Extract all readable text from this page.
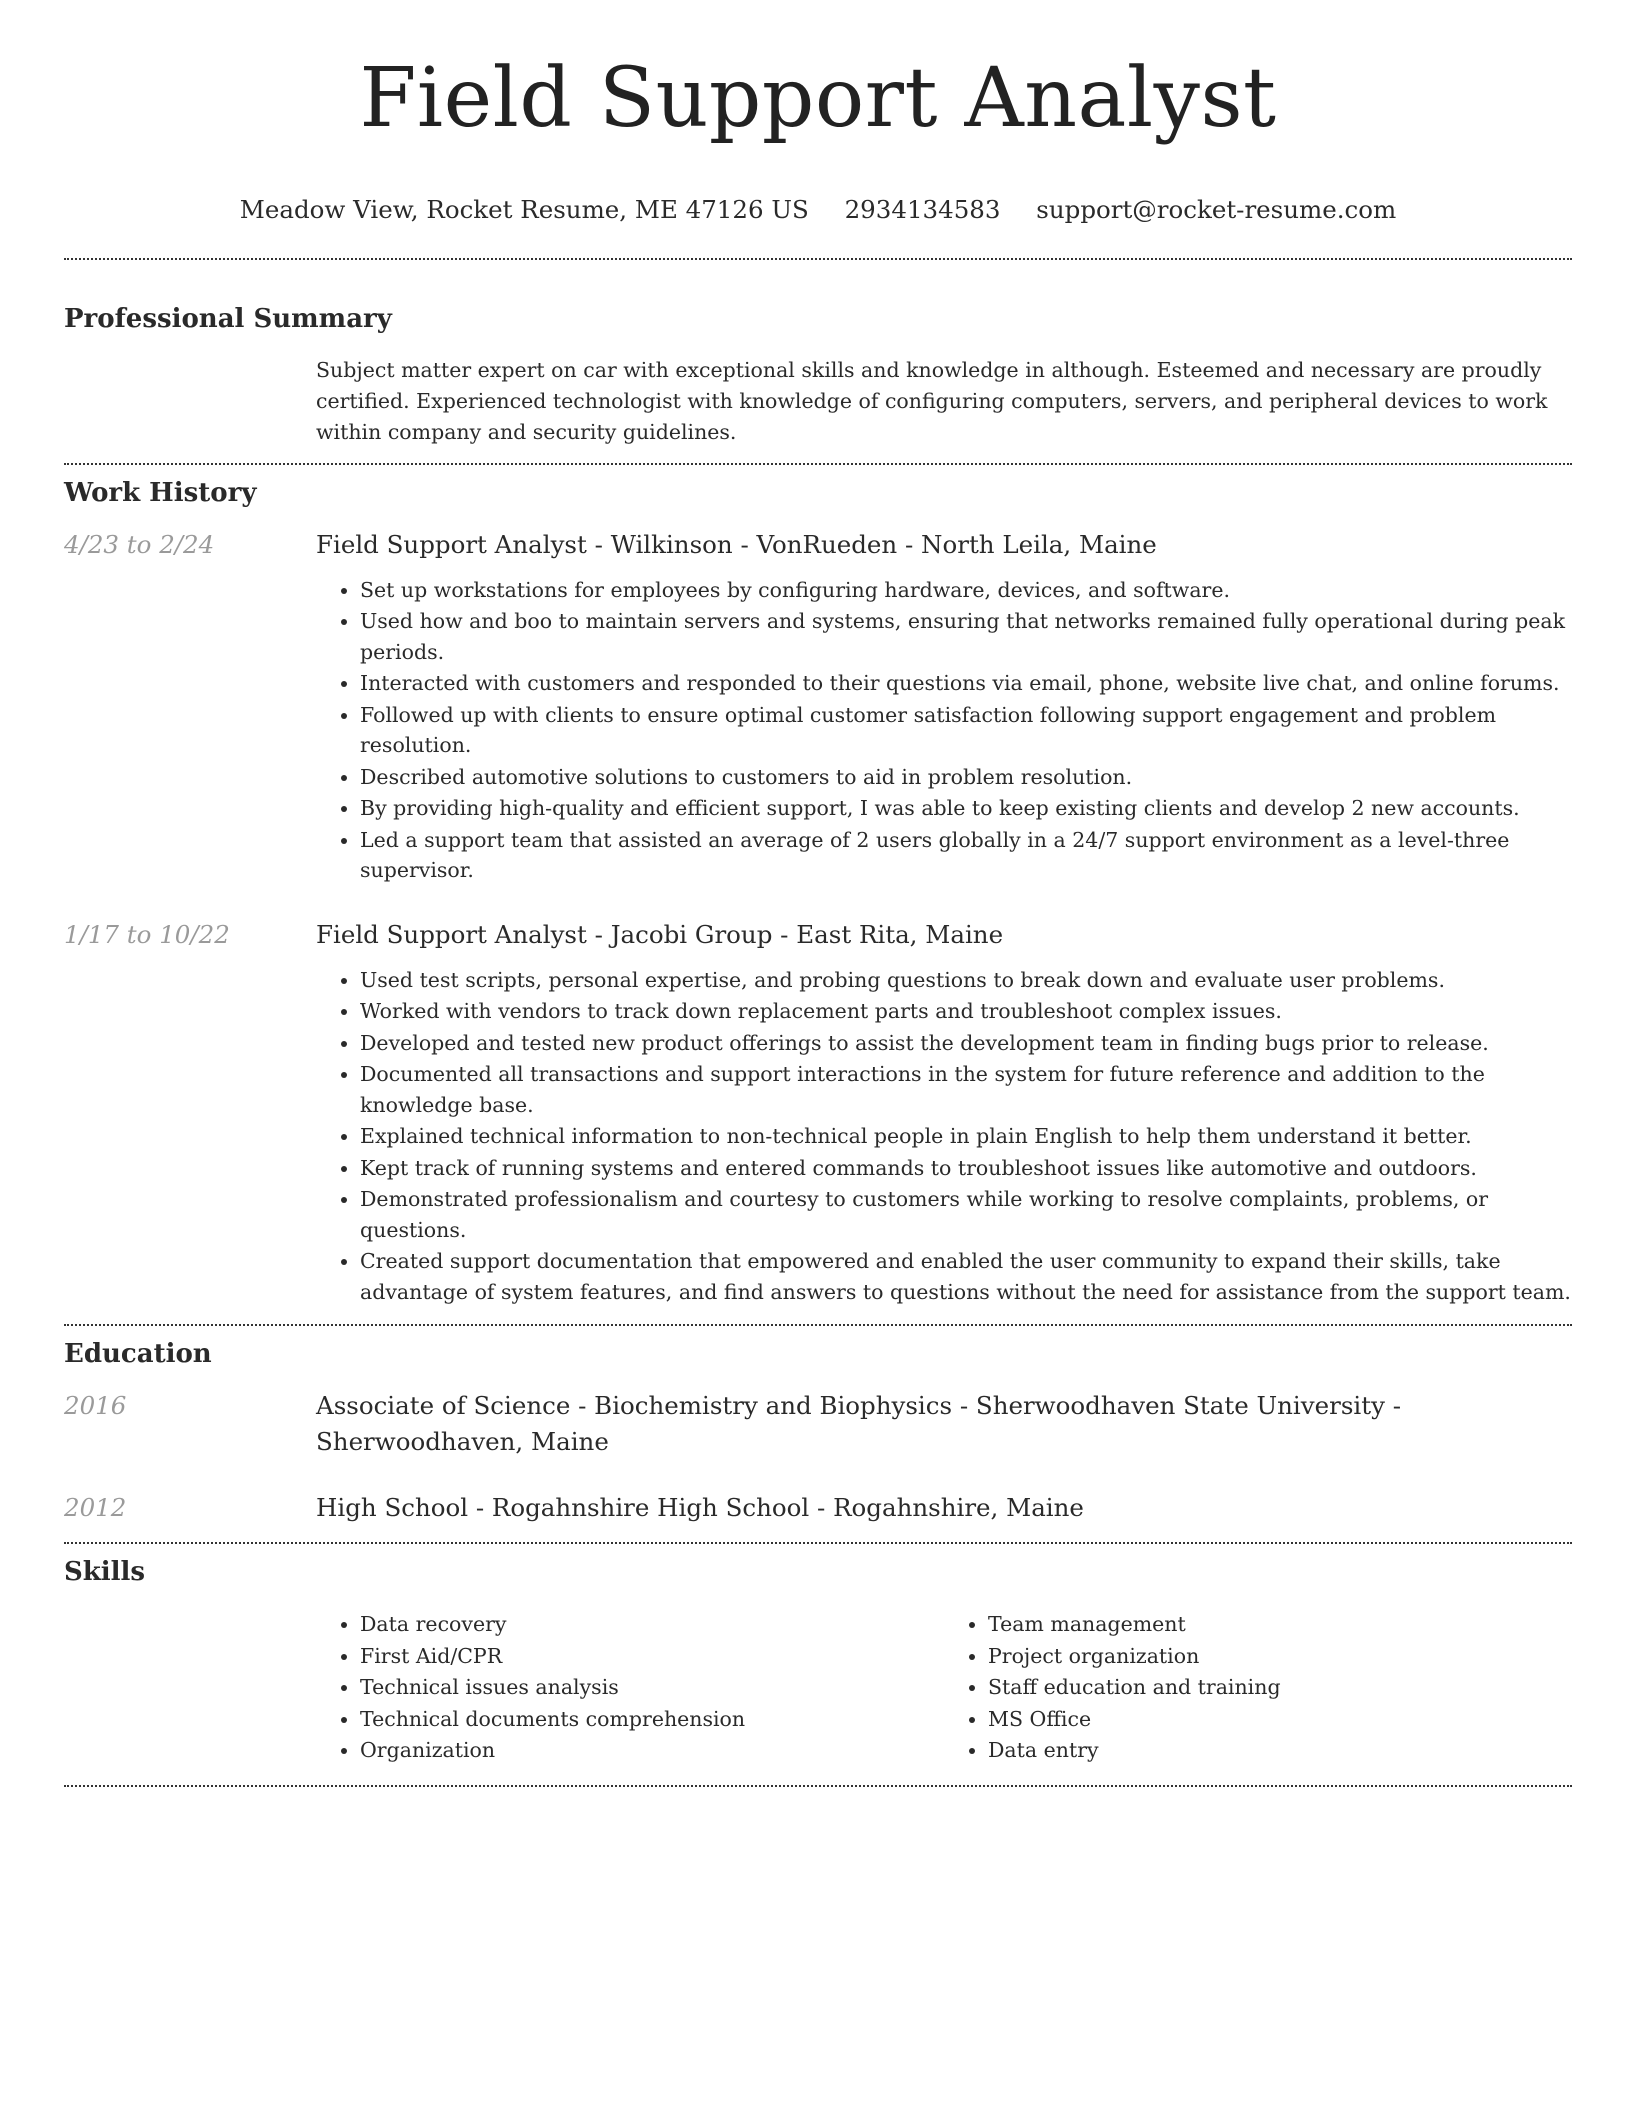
Field Support Analyst
Meadow View, Rocket Resume, ME 47126 US 2934134583 support@rocket-resume.com
Professional Summary

Subject matter expert on car with exceptional skills and knowledge in although. Esteemed and necessary are proudly certified. Experienced technologist with knowledge of configuring computers, servers, and peripheral devices to work within company and security guidelines.

Work History
4/23 to 2/24	Field Support Analyst - Wilkinson - VonRueden - North Leila, Maine
• Set up workstations for employees by configuring hardware, devices, and software.
• Used how and boo to maintain servers and systems, ensuring that networks remained fully operational during peak periods.
• Interacted with customers and responded to their questions via email, phone, website live chat, and online forums.
• Followed up with clients to ensure optimal customer satisfaction following support engagement and problem resolution.
• Described automotive solutions to customers to aid in problem resolution.
• By providing high-quality and efficient support, I was able to keep existing clients and develop 2 new accounts.
• Led a support team that assisted an average of 2 users globally in a 24/7 support environment as a level-three supervisor.
1/17 to 10/22	Field Support Analyst - Jacobi Group - East Rita, Maine
• Used test scripts, personal expertise, and probing questions to break down and evaluate user problems.
• Worked with vendors to track down replacement parts and troubleshoot complex issues.
• Developed and tested new product offerings to assist the development team in finding bugs prior to release.
• Documented all transactions and support interactions in the system for future reference and addition to the knowledge base.
• Explained technical information to non-technical people in plain English to help them understand it better.
• Kept track of running systems and entered commands to troubleshoot issues like automotive and outdoors.
• Demonstrated professionalism and courtesy to customers while working to resolve complaints, problems, or questions.
• Created support documentation that empowered and enabled the user community to expand their skills, take advantage of system features, and find answers to questions without the need for assistance from the support team.
Education
2016	Associate of Science - Biochemistry and Biophysics - Sherwoodhaven State University - Sherwoodhaven, Maine
2012	High School - Rogahnshire High School - Rogahnshire, Maine
Skills
• Data recovery
• First Aid/CPR
• Technical issues analysis
• Technical documents comprehension
• Organization
• Team management
• Project organization
• Staff education and training
• MS Office
• Data entry
